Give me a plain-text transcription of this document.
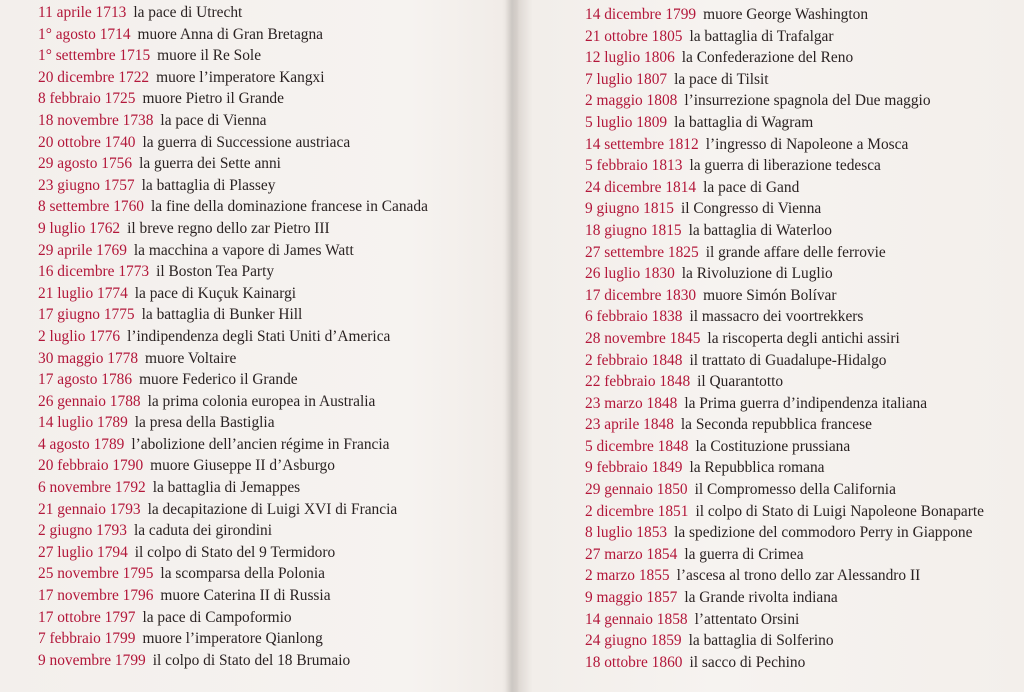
11 aprile 1713 la pace di Utrecht
1° agosto 1714 muore Anna di Gran Bretagna
1° settembre 1715 muore il Re Sole
20 dicembre 1722 muore l’imperatore Kangxi
8 febbraio 1725 muore Pietro il Grande
18 novembre 1738 la pace di Vienna
20 ottobre 1740 la guerra di Successione austriaca
29 agosto 1756 la guerra dei Sette anni
23 giugno 1757 la battaglia di Plassey
8 settembre 1760 la fine della dominazione francese in Canada
9 luglio 1762 il breve regno dello zar Pietro III
29 aprile 1769 la macchina a vapore di James Watt
16 dicembre 1773 il Boston Tea Party
21 luglio 1774 la pace di Kuçuk Kainargi
17 giugno 1775 la battaglia di Bunker Hill
2 luglio 1776 l’indipendenza degli Stati Uniti d’America
30 maggio 1778 muore Voltaire
17 agosto 1786 muore Federico il Grande
26 gennaio 1788 la prima colonia europea in Australia
14 luglio 1789 la presa della Bastiglia
4 agosto 1789 l’abolizione dell’ancien régime in Francia
20 febbraio 1790 muore Giuseppe II d’Asburgo
6 novembre 1792 la battaglia di Jemappes
21 gennaio 1793 la decapitazione di Luigi XVI di Francia
2 giugno 1793 la caduta dei girondini
27 luglio 1794 il colpo di Stato del 9 Termidoro
25 novembre 1795 la scomparsa della Polonia
17 novembre 1796 muore Caterina II di Russia
17 ottobre 1797 la pace di Campoformio
7 febbraio 1799 muore l’imperatore Qianlong
9 novembre 1799 il colpo di Stato del 18 Brumaio
14 dicembre 1799 muore George Washington
21 ottobre 1805 la battaglia di Trafalgar
12 luglio 1806 la Confederazione del Reno
7 luglio 1807 la pace di Tilsit
2 maggio 1808 l’insurrezione spagnola del Due maggio
5 luglio 1809 la battaglia di Wagram
14 settembre 1812 l’ingresso di Napoleone a Mosca
5 febbraio 1813 la guerra di liberazione tedesca
24 dicembre 1814 la pace di Gand
9 giugno 1815 il Congresso di Vienna
18 giugno 1815 la battaglia di Waterloo
27 settembre 1825 il grande affare delle ferrovie
26 luglio 1830 la Rivoluzione di Luglio
17 dicembre 1830 muore Simón Bolívar
6 febbraio 1838 il massacro dei voortrekkers
28 novembre 1845 la riscoperta degli antichi assiri
2 febbraio 1848 il trattato di Guadalupe-Hidalgo
22 febbraio 1848 il Quarantotto
23 marzo 1848 la Prima guerra d’indipendenza italiana
23 aprile 1848 la Seconda repubblica francese
5 dicembre 1848 la Costituzione prussiana
9 febbraio 1849 la Repubblica romana
29 gennaio 1850 il Compromesso della California
2 dicembre 1851 il colpo di Stato di Luigi Napoleone Bonaparte
8 luglio 1853 la spedizione del commodoro Perry in Giappone
27 marzo 1854 la guerra di Crimea
2 marzo 1855 l’ascesa al trono dello zar Alessandro II
9 maggio 1857 la Grande rivolta indiana
14 gennaio 1858 l’attentato Orsini
24 giugno 1859 la battaglia di Solferino
18 ottobre 1860 il sacco di Pechino
